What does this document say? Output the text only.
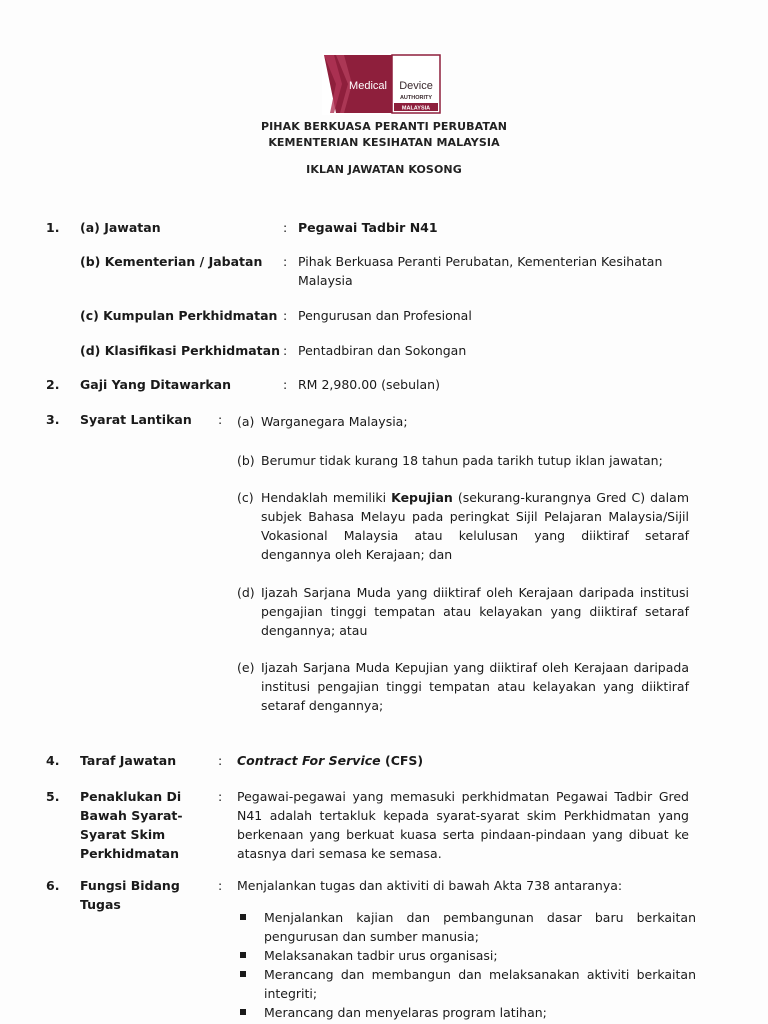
Medical Device
AUTHORITY
MALAYSIA
PIHAK BERKUASA PERANTI PERUBATAN
KEMENTERIAN KESIHATAN MALAYSIA
IKLAN JAWATAN KOSONG
1. (a) Jawatan	: Pegawai Tadbir N41
(b) Kementerian / Jabatan : Pihak Berkuasa Peranti Perubatan, Kementerian Kesihatan Malaysia
(c) Kumpulan Perkhidmatan : Pengurusan dan Profesional
(d) Klasifikasi Perkhidmatan : Pentadbiran dan Sokongan
2. Gaji Yang Ditawarkan	: RM 2,980.00 (sebulan)
3. Syarat Lantikan : (a) Warganegara Malaysia;
(b) Berumur tidak kurang 18 tahun pada tarikh tutup iklan jawatan;
(c) Hendaklah memiliki Kepujian (sekurang-kurangnya Gred C) dalam subjek Bahasa Melayu pada peringkat Sijil Pelajaran Malaysia/Sijil Vokasional Malaysia atau kelulusan yang diiktiraf setaraf dengannya oleh Kerajaan; dan
(d) Ijazah Sarjana Muda yang diiktiraf oleh Kerajaan daripada institusi pengajian tinggi tempatan atau kelayakan yang diiktiraf setaraf dengannya; atau
(e) Ijazah Sarjana Muda Kepujian yang diiktiraf oleh Kerajaan daripada institusi pengajian tinggi tempatan atau kelayakan yang diiktiraf setaraf dengannya;
4. Taraf Jawatan	: Contract For Service (CFS)
5. Penaklukan Di
Bawah Syarat-
Syarat Skim
Perkhidmatan
: Pegawai-pegawai yang memasuki perkhidmatan Pegawai Tadbir Gred N41 adalah tertakluk kepada syarat-syarat skim Perkhidmatan yang berkenaan yang berkuat kuasa serta pindaan-pindaan yang dibuat ke atasnya dari semasa ke semasa.
6. Fungsi Bidang
Tugas
: Menjalankan tugas dan aktiviti di bawah Akta 738 antaranya:
Menjalankan kajian dan pembangunan dasar baru berkaitan pengurusan dan sumber manusia;
Melaksanakan tadbir urus organisasi;
Merancang dan membangun dan melaksanakan aktiviti berkaitan integriti;
Merancang dan menyelaras program latihan;
